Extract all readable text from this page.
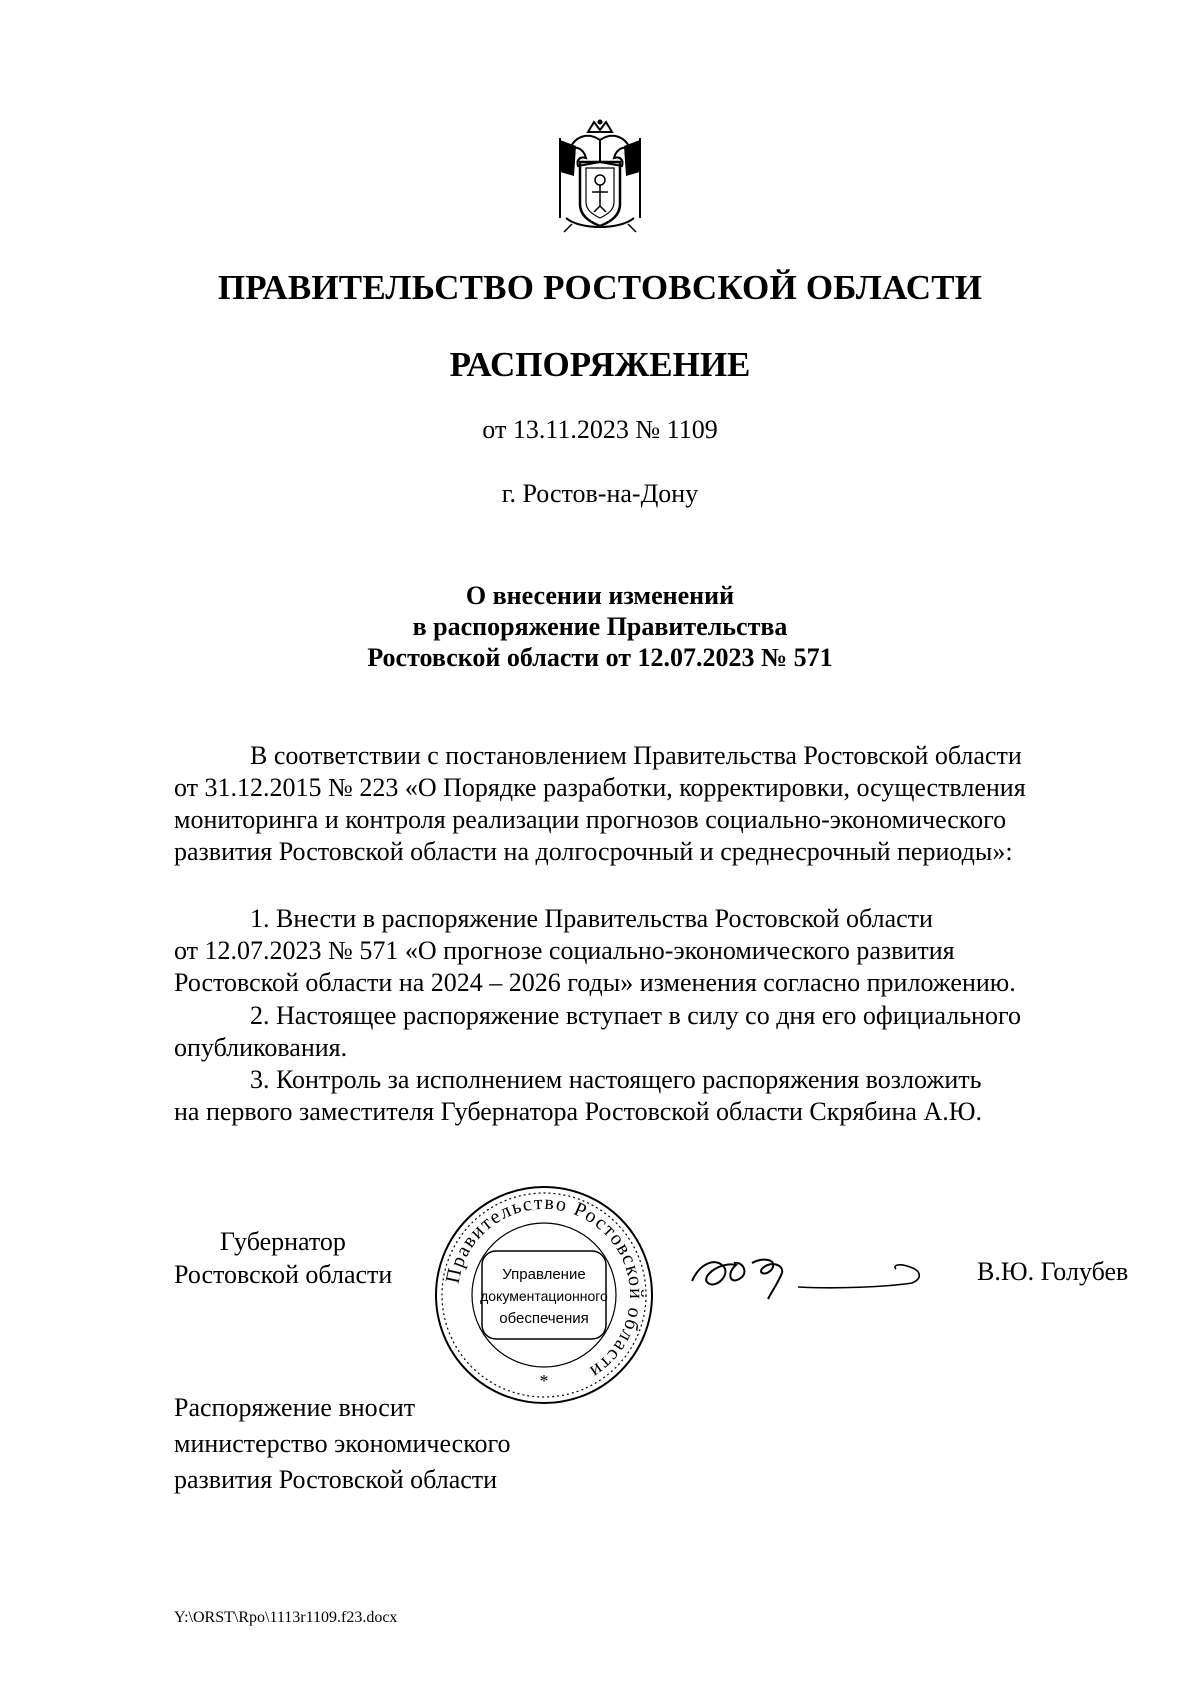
ПРАВИТЕЛЬСТВО РОСТОВСКОЙ ОБЛАСТИ
РАСПОРЯЖЕНИЕ
от 13.11.2023 № 1109
г. Ростов-на-Дону
О внесении изменений
в распоряжение Правительства
Ростовской области от 12.07.2023 № 571
В соответствии с постановлением Правительства Ростовской области
от 31.12.2015 № 223 «О Порядке разработки, корректировки, осуществления
мониторинга и контроля реализации прогнозов социально-экономического
развития Ростовской области на долгосрочный и среднесрочный периоды»:
1. Внести в распоряжение Правительства Ростовской области
от 12.07.2023 № 571 «О прогнозе социально-экономического развития
Ростовской области на 2024 – 2026 годы» изменения согласно приложению.
2. Настоящее распоряжение вступает в силу со дня его официального
опубликования.
3. Контроль за исполнением настоящего распоряжения возложить
на первого заместителя Губернатора Ростовской области Скрябина А.Ю.
Губернатор
Ростовской области Правительство Ростовской области
Управление
документационного
обеспечения
*
В.Ю. Голубев
Распоряжение вносит
министерство экономического
развития Ростовской области
Y:\ORST\Rpo\1113r1109.f23.docx
